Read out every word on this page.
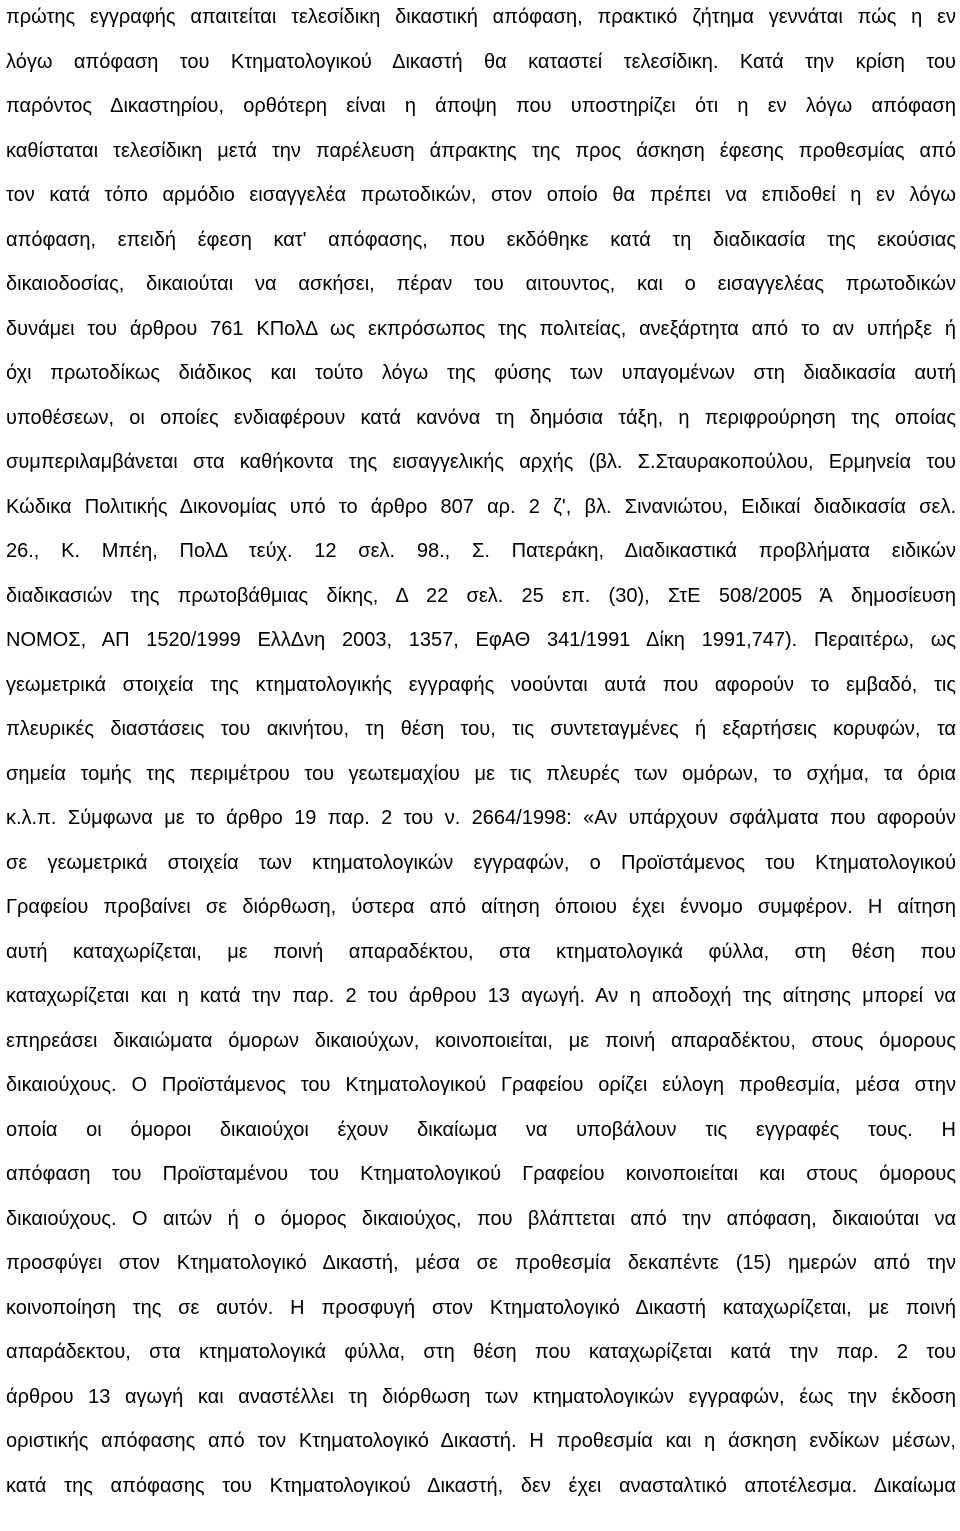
πρώτης εγγραφής απαιτείται τελεσίδικη δικαστική απόφαση, πρακτικό ζήτημα γεννάται πώς η εν
λόγω απόφαση του Κτηματολογικού Δικαστή θα καταστεί τελεσίδικη. Κατά την κρίση του
παρόντος Δικαστηρίου, ορθότερη είναι η άποψη που υποστηρίζει ότι η εν λόγω απόφαση
καθίσταται τελεσίδικη μετά την παρέλευση άπρακτης της προς άσκηση έφεσης προθεσμίας από
τον κατά τόπο αρμόδιο εισαγγελέα πρωτοδικών, στον οποίο θα πρέπει να επιδοθεί η εν λόγω
απόφαση, επειδή έφεση κατ' απόφασης, που εκδόθηκε κατά τη διαδικασία της εκούσιας
δικαιοδοσίας, δικαιούται να ασκήσει, πέραν του αιτουντος, και ο εισαγγελέας πρωτοδικών
δυνάμει του άρθρου 761 ΚΠολΔ ως εκπρόσωπος της πολιτείας, ανεξάρτητα από το αν υπήρξε ή
όχι πρωτοδίκως διάδικος και τούτο λόγω της φύσης των υπαγομένων στη διαδικασία αυτή
υποθέσεων, οι οποίες ενδιαφέρουν κατά κανόνα τη δημόσια τάξη, η περιφρούρηση της οποίας
συμπεριλαμβάνεται στα καθήκοντα της εισαγγελικής αρχής (βλ. Σ.Σταυρακοπούλου, Ερμηνεία του
Κώδικα Πολιτικής Δικονομίας υπό το άρθρο 807 αρ. 2 ζ', βλ. Σινανιώτου, Ειδικαί διαδικασία σελ.
26., Κ. Μπέη, ΠολΔ τεύχ. 12 σελ. 98., Σ. Πατεράκη, Διαδικαστικά προβλήματα ειδικών
διαδικασιών της πρωτοβάθμιας δίκης, Δ 22 σελ. 25 επ. (30), ΣτΕ 508/2005 Ά δημοσίευση
ΝΟΜΟΣ, ΑΠ 1520/1999 ΕλλΔνη 2003, 1357, ΕφΑΘ 341/1991 Δίκη 1991,747). Περαιτέρω, ως
γεωμετρικά στοιχεία της κτηματολογικής εγγραφής νοούνται αυτά που αφορούν το εμβαδό, τις
πλευρικές διαστάσεις του ακινήτου, τη θέση του, τις συντεταγμένες ή εξαρτήσεις κορυφών, τα
σημεία τομής της περιμέτρου του γεωτεμαχίου με τις πλευρές των ομόρων, το σχήμα, τα όρια
κ.λ.π. Σύμφωνα με το άρθρο 19 παρ. 2 του ν. 2664/1998: «Αν υπάρχουν σφάλματα που αφορούν
σε γεωμετρικά στοιχεία των κτηματολογικών εγγραφών, ο Προϊστάμενος του Κτηματολογικού
Γραφείου προβαίνει σε διόρθωση, ύστερα από αίτηση όποιου έχει έννομο συμφέρον. Η αίτηση
αυτή καταχωρίζεται, με ποινή απαραδέκτου, στα κτηματολογικά φύλλα, στη θέση που
καταχωρίζεται και η κατά την παρ. 2 του άρθρου 13 αγωγή. Αν η αποδοχή της αίτησης μπορεί να
επηρεάσει δικαιώματα όμορων δικαιούχων, κοινοποιείται, με ποινή απαραδέκτου, στους όμορους
δικαιούχους. Ο Προϊστάμενος του Κτηματολογικού Γραφείου ορίζει εύλογη προθεσμία, μέσα στην
οποία οι όμοροι δικαιούχοι έχουν δικαίωμα να υποβάλουν τις εγγραφές τους. Η
απόφαση του Προϊσταμένου του Κτηματολογικού Γραφείου κοινοποιείται και στους όμορους
δικαιούχους. Ο αιτών ή ο όμορος δικαιούχος, που βλάπτεται από την απόφαση, δικαιούται να
προσφύγει στον Κτηματολογικό Δικαστή, μέσα σε προθεσμία δεκαπέντε (15) ημερών από την
κοινοποίηση της σε αυτόν. Η προσφυγή στον Κτηματολογικό Δικαστή καταχωρίζεται, με ποινή
απαράδεκτου, στα κτηματολογικά φύλλα, στη θέση που καταχωρίζεται κατά την παρ. 2 του
άρθρου 13 αγωγή και αναστέλλει τη διόρθωση των κτηματολογικών εγγραφών, έως την έκδοση
οριστικής απόφασης από τον Κτηματολογικό Δικαστή. Η προθεσμία και η άσκηση ενδίκων μέσων,
κατά της απόφασης του Κτηματολογικού Δικαστή, δεν έχει ανασταλτικό αποτέλεσμα. Δικαίωμα
